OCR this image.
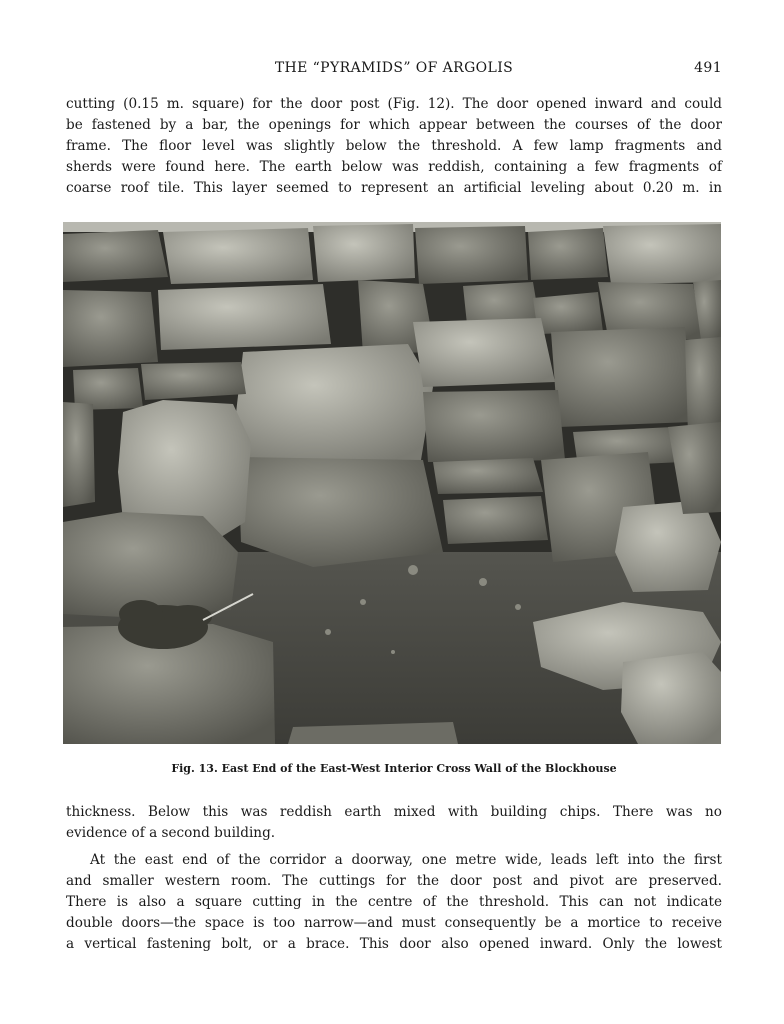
THE “PYRAMIDS” OF ARGOLIS	491

cutting (0.15 m. square) for the door post (Fig. 12). The door opened inward and could
be fastened by a bar, the openings for which appear between the courses of the door
frame. The floor level was slightly below the threshold. A few lamp fragments and
sherds were found here. The earth below was reddish, containing a few fragments of
coarse roof tile. This layer seemed to represent an artificial leveling about 0.20 m. in

Fig. 13. East End of the East-West Interior Cross Wall of the Blockhouse

thickness. Below this was reddish earth mixed with building chips. There was no
evidence of a second building.

At the east end of the corridor a doorway, one metre wide, leads left into the first
and smaller western room. The cuttings for the door post and pivot are preserved.
There is also a square cutting in the centre of the threshold. This can not indicate
double doors—the space is too narrow—and must consequently be a mortice to receive
a vertical fastening bolt, or a brace. This door also opened inward. Only the lowest
